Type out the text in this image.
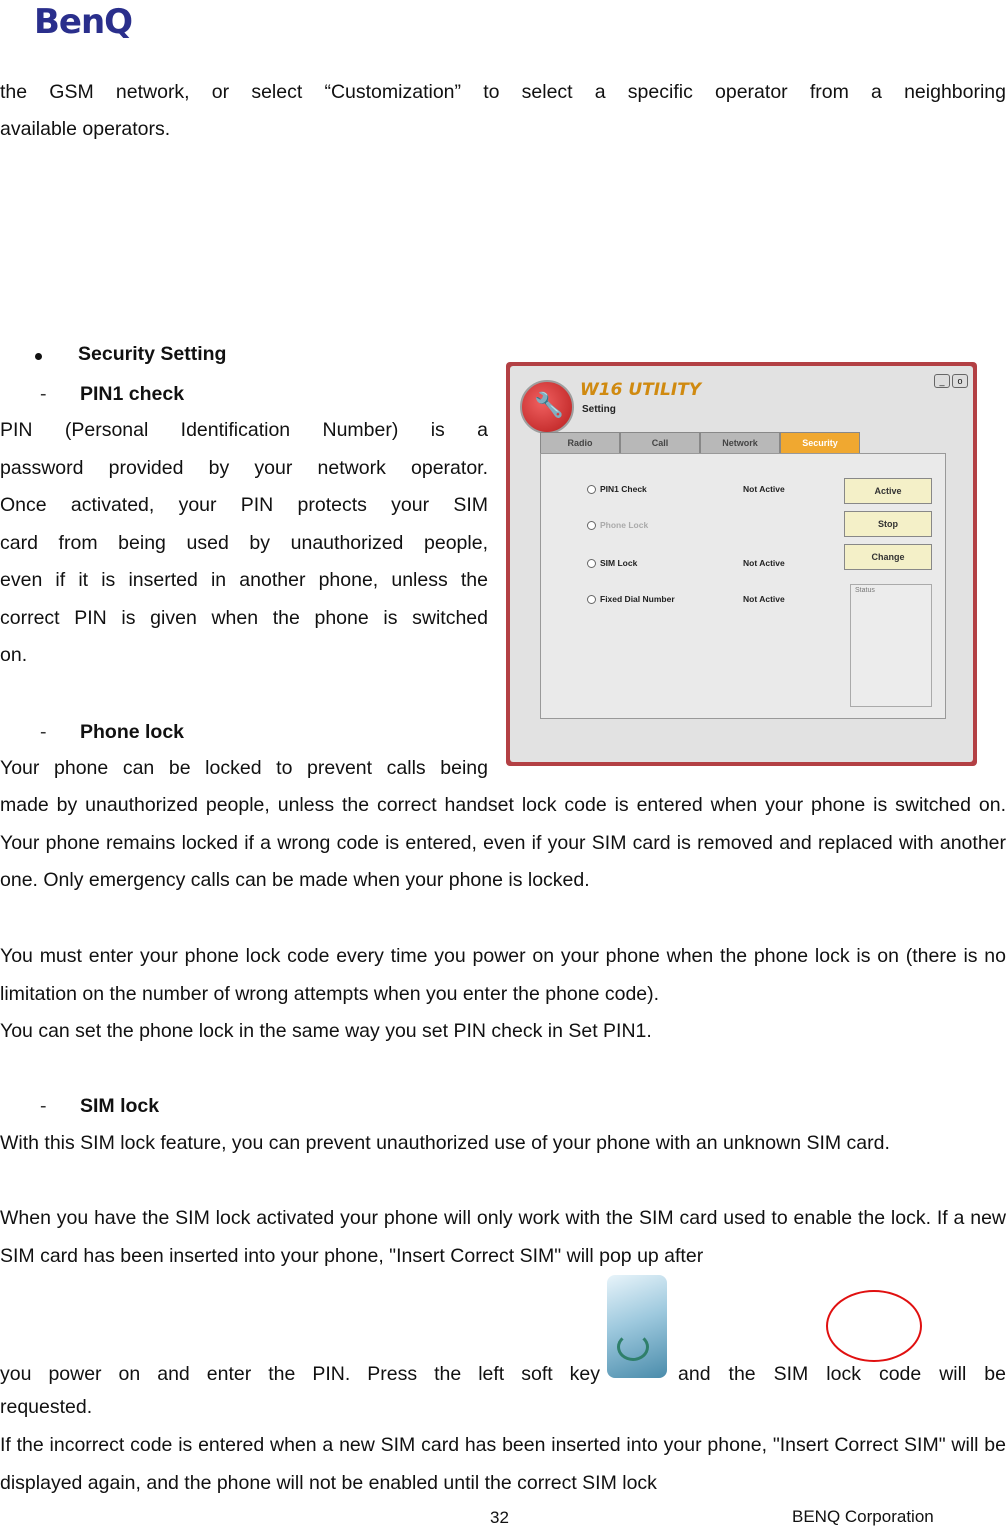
BenQ

the GSM network, or select “Customization” to select a specific operator from a neighboring

available operators.

Security Setting
- PIN1 check
PIN (Personal Identification Number) is a
password provided by your network operator.
Once activated, your PIN protects your SIM
card from being used by unauthorized people,
even if it is inserted in another phone, unless the
correct PIN is given when the phone is switched
on.
- Phone lock

Your phone can be locked to prevent calls being

made by unauthorized people, unless the correct handset lock code is entered when your phone is switched on. Your phone remains locked if a wrong code is entered, even if your SIM card is removed and replaced with another one. Only emergency calls can be made when your phone is locked.

You must enter your phone lock code every time you power on your phone when the phone lock is on (there is no limitation on the number of wrong attempts when you enter the phone code).

You can set the phone lock in the same way you set PIN check in Set PIN1.

- SIM lock

With this SIM lock feature, you can prevent unauthorized use of your phone with an unknown SIM card.

When you have the SIM lock activated your phone will only work with the SIM card used to enable the lock. If a new SIM card has been inserted into your phone, "Insert Correct SIM" will pop up after

you power on and enter the PIN. Press the left soft key	and the SIM lock code will be

requested.

If the incorrect code is entered when a new SIM card has been inserted into your phone, "Insert Correct SIM" will be displayed again, and the phone will not be enabled until the correct SIM lock

🔧
W16 UTILITY
Setting
_	o
Radio	Call	Network	Security
PIN1 Check	Not Active
Phone Lock
SIM Lock	Not Active
Fixed Dial Number	Not Active
Active
Stop
Change
Status
32	BENQ Corporation
